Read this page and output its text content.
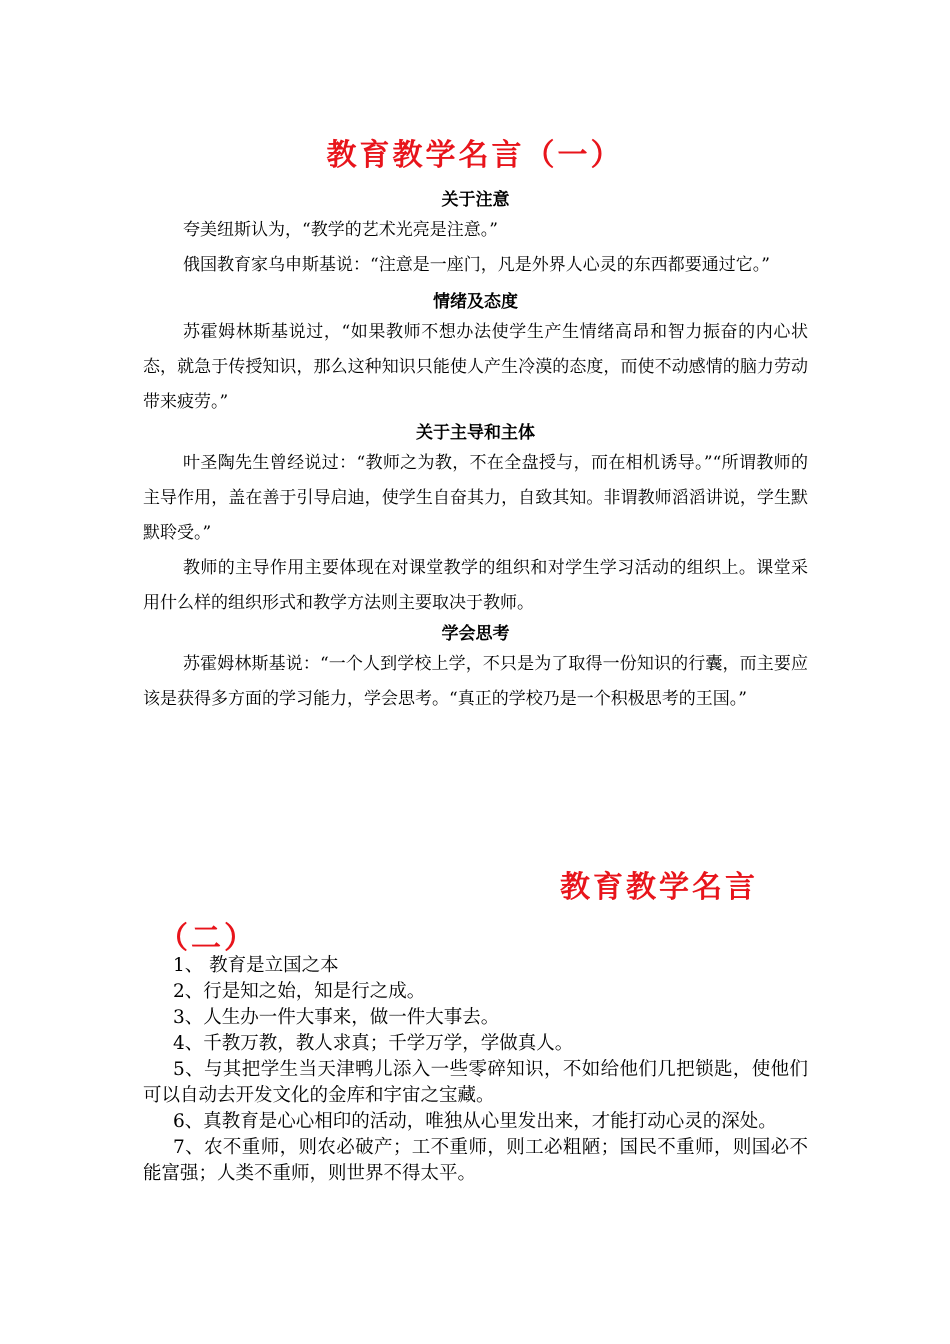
教育教学名言（一）
关于注意

夸美纽斯认为，“教学的艺术光亮是注意。”

俄国教育家乌申斯基说：“注意是一座门，凡是外界人心灵的东西都要通过它。”

情绪及态度

苏霍姆林斯基说过，“如果教师不想办法使学生产生情绪高昂和智力振奋的内心状态，就急于传授知识，那么这种知识只能使人产生冷漠的态度，而使不动感情的脑力劳动带来疲劳。”

关于主导和主体

叶圣陶先生曾经说过：“教师之为教，不在全盘授与，而在相机诱导。”“所谓教师的主导作用，盖在善于引导启迪，使学生自奋其力，自致其知。非谓教师滔滔讲说，学生默默聆受。”

教师的主导作用主要体现在对课堂教学的组织和对学生学习活动的组织上。课堂采用什么样的组织形式和教学方法则主要取决于教师。

学会思考

苏霍姆林斯基说：“一个人到学校上学，不只是为了取得一份知识的行囊，而主要应该是获得多方面的学习能力，学会思考。“真正的学校乃是一个积极思考的王国。”

教育教学名言
（二）

1、 教育是立国之本

2、行是知之始，知是行之成。

3、人生办一件大事来，做一件大事去。

4、千教万教，教人求真；千学万学，学做真人。

5、与其把学生当天津鸭儿添入一些零碎知识，不如给他们几把锁匙，使他们可以自动去开发文化的金库和宇宙之宝藏。

6、真教育是心心相印的活动，唯独从心里发出来，才能打动心灵的深处。

7、农不重师，则农必破产；工不重师，则工必粗陋；国民不重师，则国必不能富强；人类不重师，则世界不得太平。
